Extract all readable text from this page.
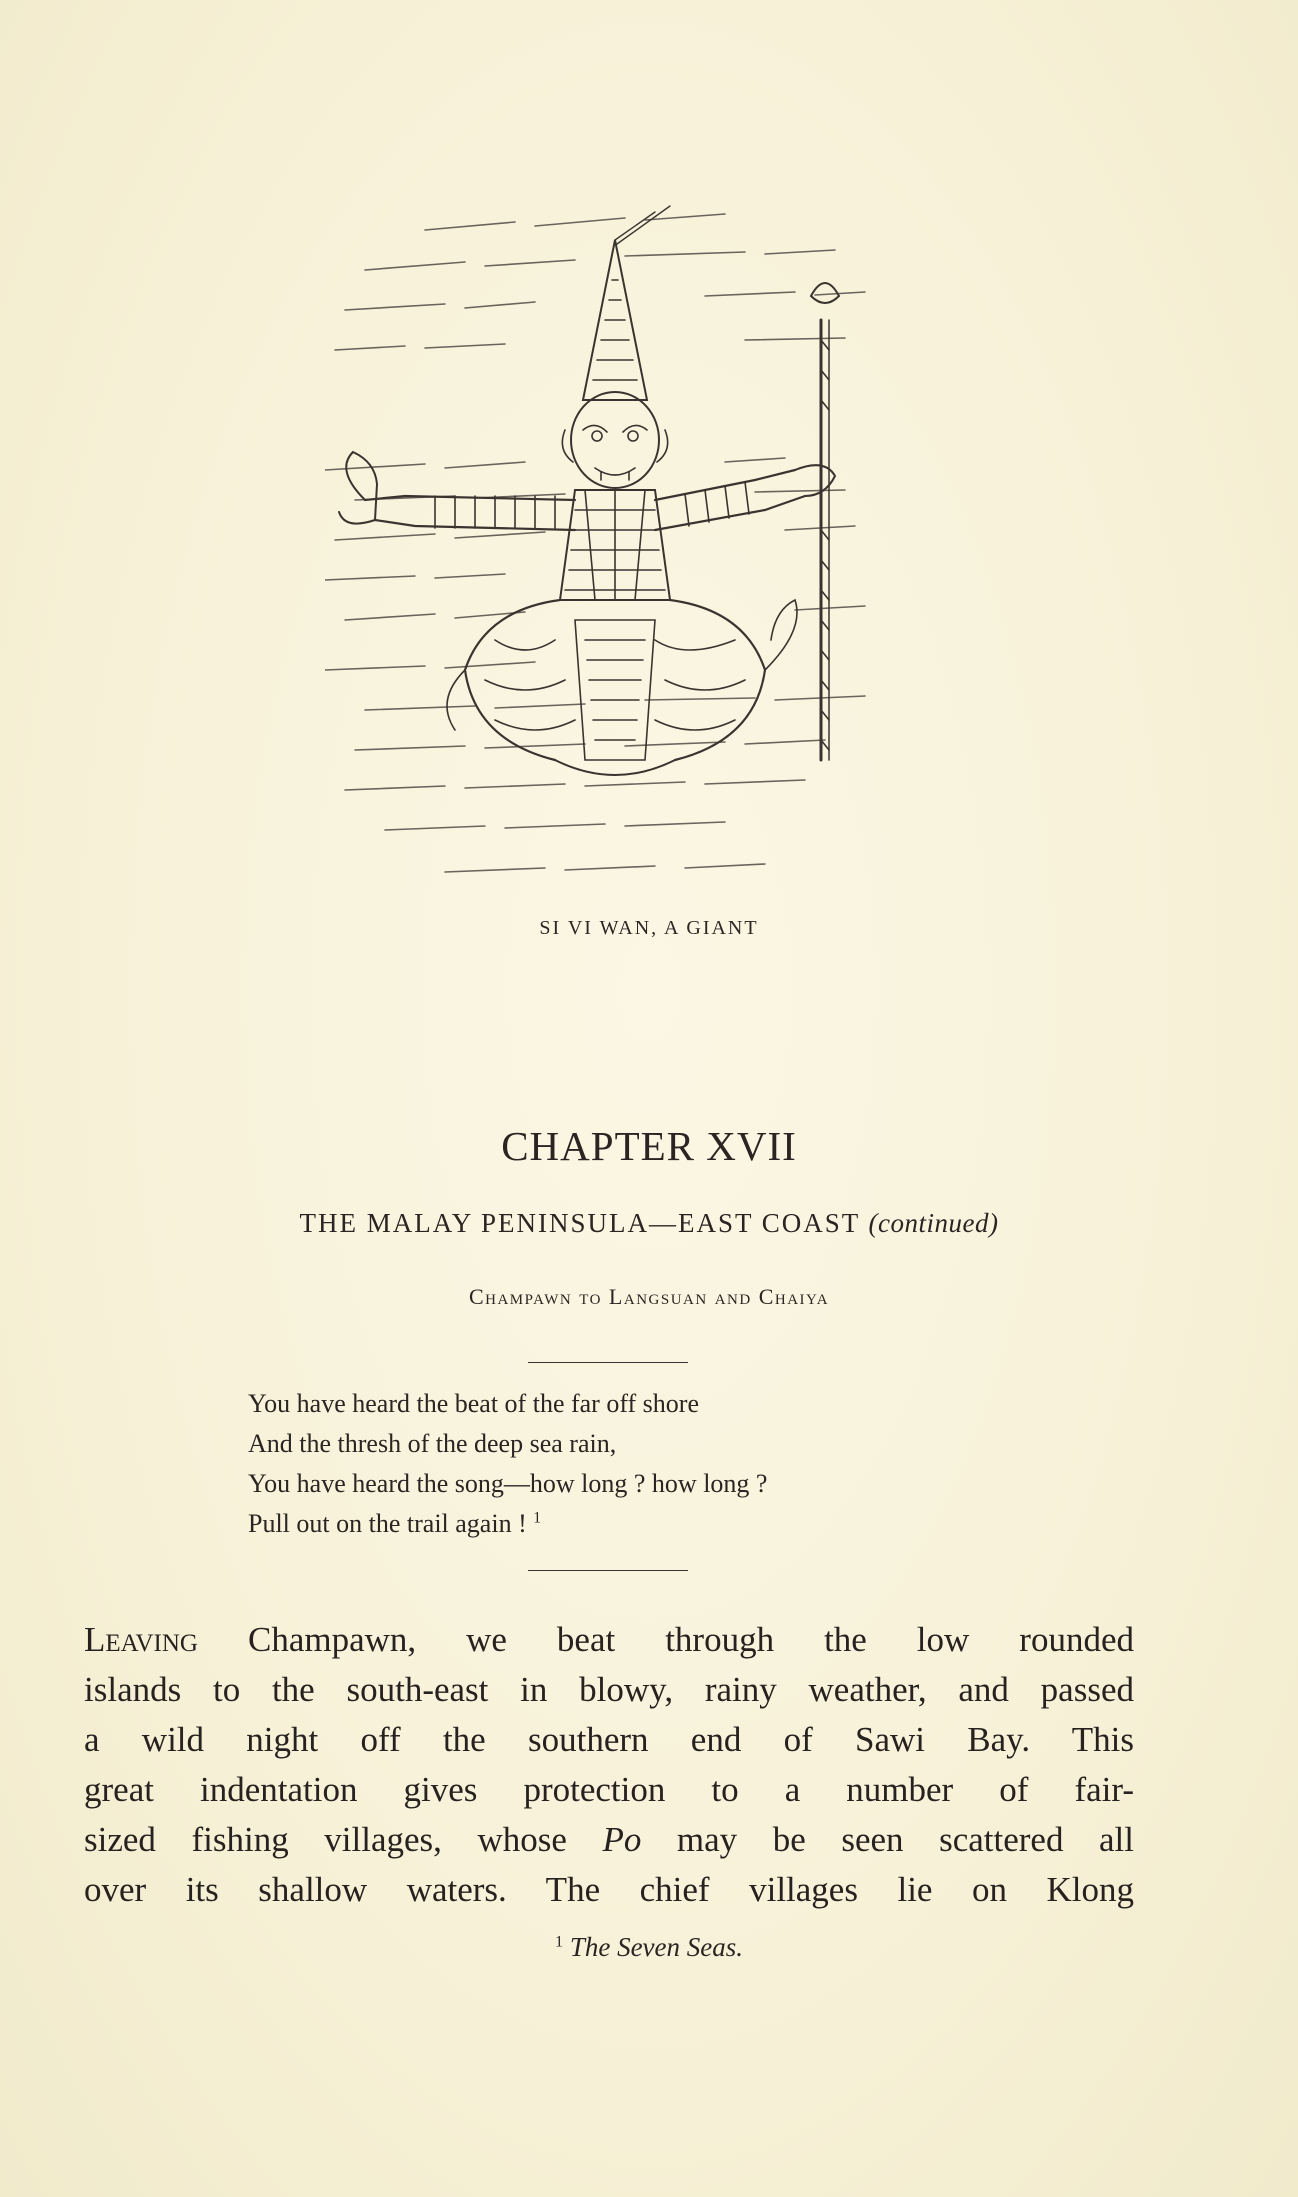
SI VI WAN, A GIANT
CHAPTER XVII
THE MALAY PENINSULA—EAST COAST (continued)
Champawn to Langsuan and Chaiya
You have heard the beat of the far off shore
And the thresh of the deep sea rain,
You have heard the song—how long ? how long ?
Pull out on the trail again ! $^1$
Leaving Champawn, we beat through the low rounded
islands to the south-east in blowy, rainy weather, and passed
a wild night off the southern end of Sawi Bay. This
great indentation gives protection to a number of fair-
sized fishing villages, whose Po may be seen scattered all
over its shallow waters. The chief villages lie on Klong
$^1$ The Seven Seas.
